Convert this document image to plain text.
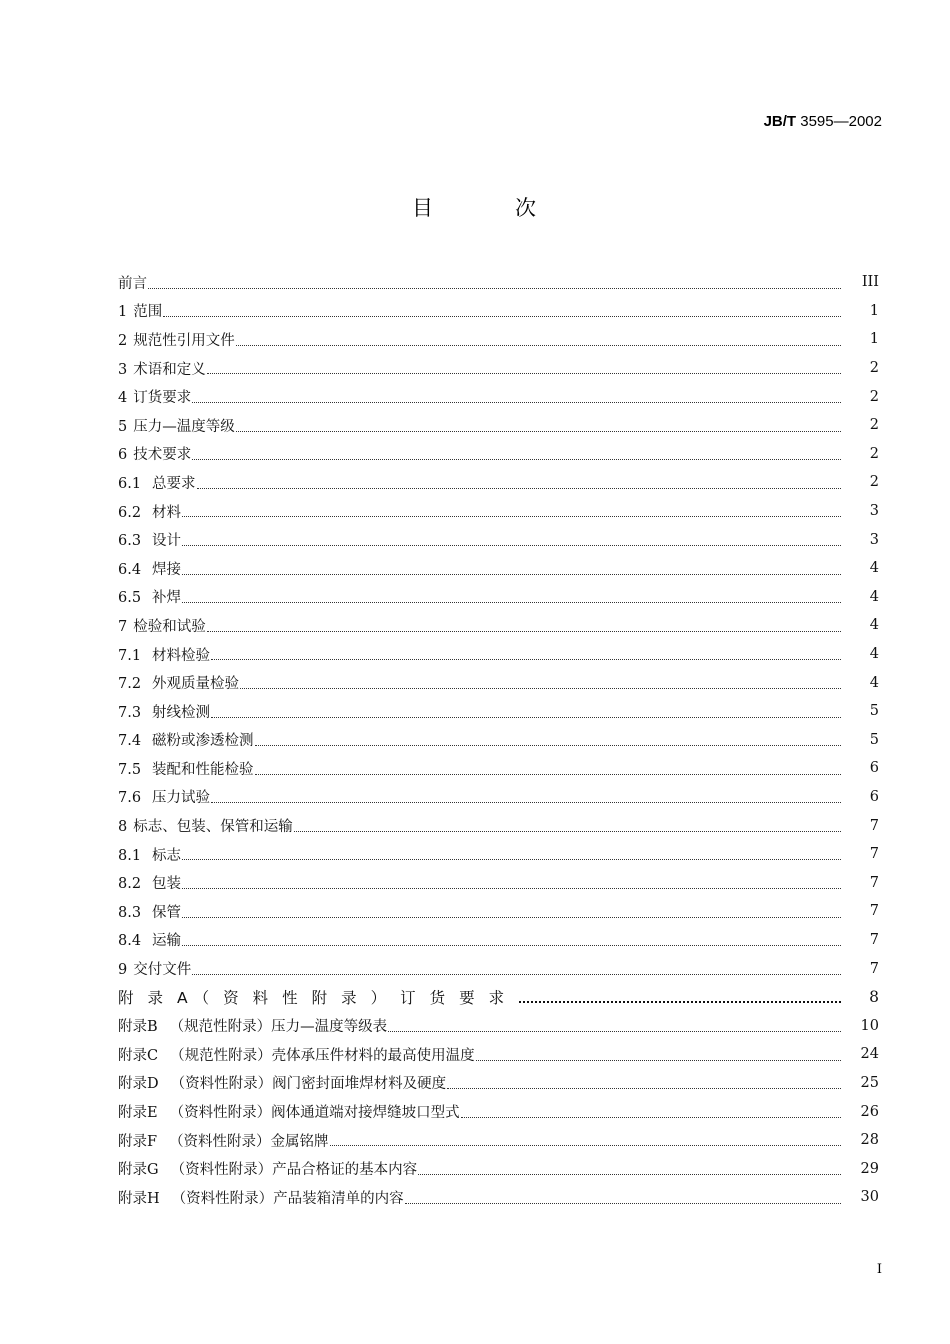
JB/T 3595—2002
目	次
前言	III
1 范围	1
2 规范性引用文件	1
3 术语和定义	2
4 订货要求	2
5 压力—温度等级	2
6 技术要求	2
6.1 总要求	2
6.2 材料	3
6.3 设计	3
6.4 焊接	4
6.5 补焊	4
7 检验和试验	4
7.1 材料检验	4
7.2 外观质量检验	4
7.3 射线检测	5
7.4 磁粉或渗透检测	5
7.5 装配和性能检验	6
7.6 压力试验	6
8 标志、包装、保管和运输	7
8.1 标志	7
8.2 包装	7
8.3 保管	7
8.4 运输	7
9 交付文件	7
附录A（资料性附录）订货要求	8
附录B （规范性附录）压力—温度等级表	10
附录C （规范性附录）壳体承压件材料的最高使用温度	24
附录D （资料性附录）阀门密封面堆焊材料及硬度	25
附录E （资料性附录）阀体通道端对接焊缝坡口型式	26
附录F （资料性附录）金属铭牌	28
附录G （资料性附录）产品合格证的基本内容	29
附录H （资料性附录）产品装箱清单的内容	30
I
